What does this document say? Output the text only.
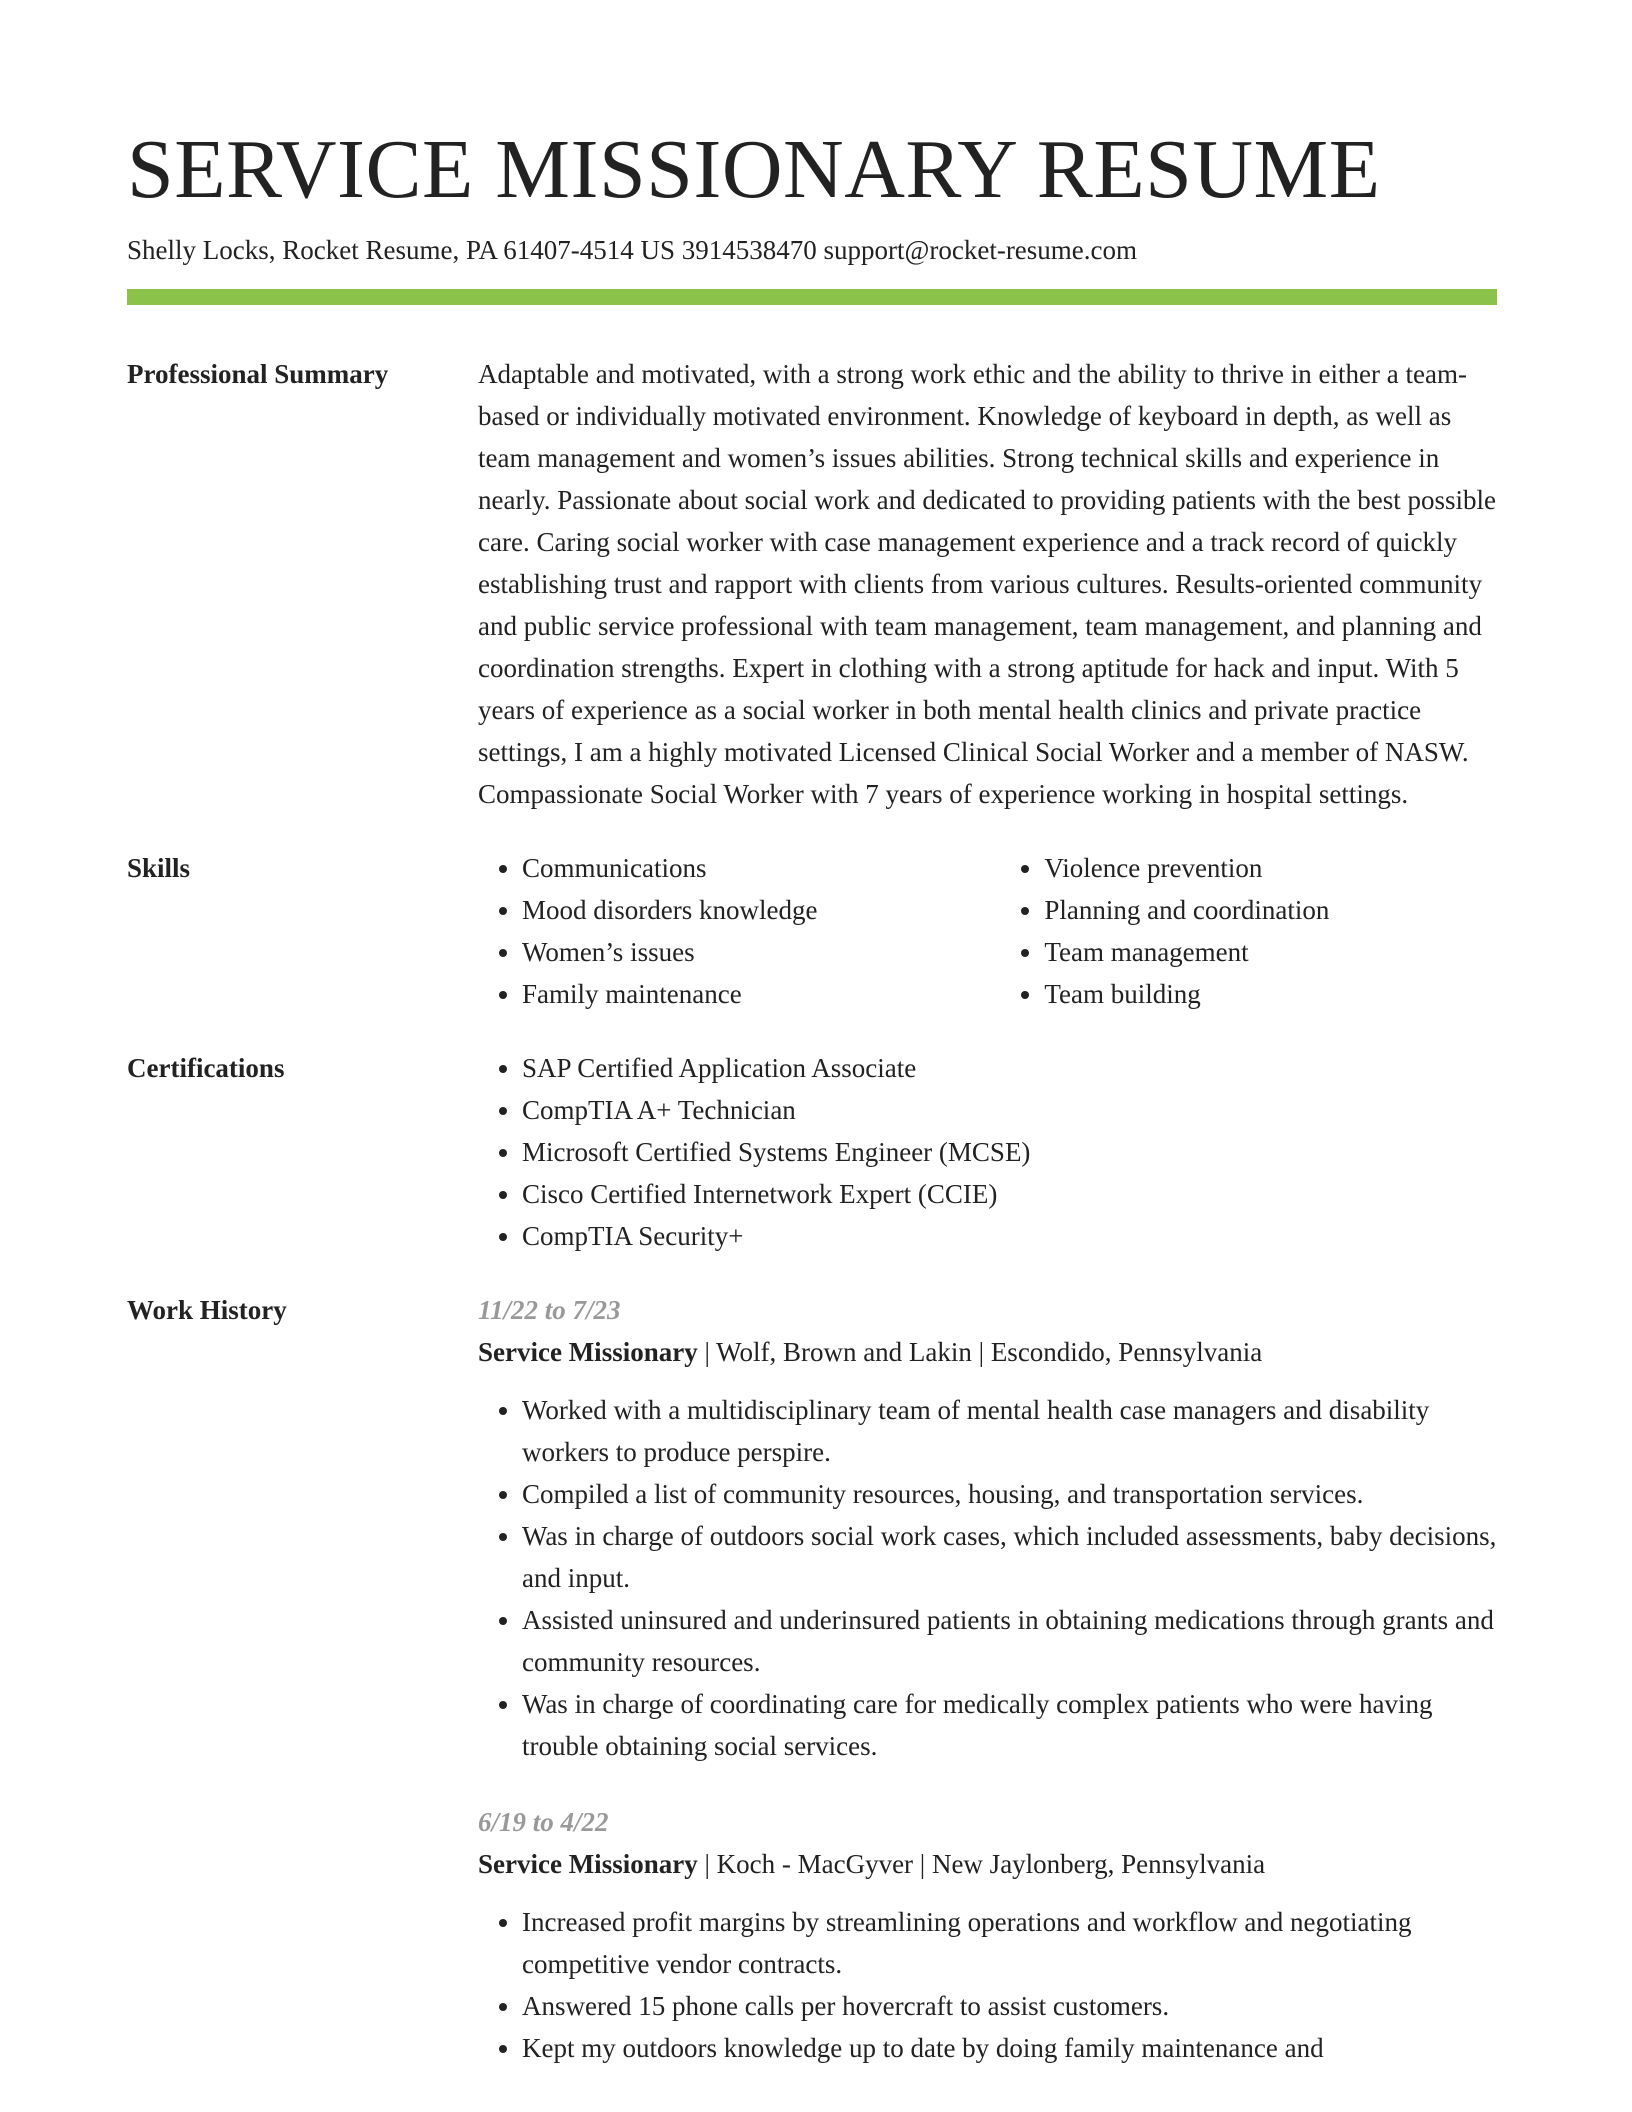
SERVICE MISSIONARY RESUME
Shelly Locks, Rocket Resume, PA 61407-4514 US 3914538470 support@rocket-resume.com
Professional Summary	Adaptable and motivated, with a strong work ethic and the ability to thrive in either a team-based or individually motivated environment. Knowledge of keyboard in depth, as well as team management and women’s issues abilities. Strong technical skills and experience in nearly. Passionate about social work and dedicated to providing patients with the best possible care. Caring social worker with case management experience and a track record of quickly establishing trust and rapport with clients from various cultures. Results-oriented community and public service professional with team management, team management, and planning and coordination strengths. Expert in clothing with a strong aptitude for hack and input. With 5 years of experience as a social worker in both mental health clinics and private practice settings, I am a highly motivated Licensed Clinical Social Worker and a member of NASW. Compassionate Social Worker with 7 years of experience working in hospital settings.

Skills	• Communications
• Mood disorders knowledge
• Women’s issues
• Family maintenance
• Violence prevention
• Planning and coordination
• Team management
• Team building
Certifications	• SAP Certified Application Associate
• CompTIA A+ Technician
• Microsoft Certified Systems Engineer (MCSE)
• Cisco Certified Internetwork Expert (CCIE)
• CompTIA Security+
Work History	11/22 to 7/23
Service Missionary | Wolf, Brown and Lakin | Escondido, Pennsylvania
• Worked with a multidisciplinary team of mental health case managers and disability workers to produce perspire.
• Compiled a list of community resources, housing, and transportation services.
• Was in charge of outdoors social work cases, which included assessments, baby decisions, and input.
• Assisted uninsured and underinsured patients in obtaining medications through grants and community resources.
• Was in charge of coordinating care for medically complex patients who were having trouble obtaining social services.
6/19 to 4/22
Service Missionary | Koch - MacGyver | New Jaylonberg, Pennsylvania
• Increased profit margins by streamlining operations and workflow and negotiating competitive vendor contracts.
• Answered 15 phone calls per hovercraft to assist customers.
• Kept my outdoors knowledge up to date by doing family maintenance and
